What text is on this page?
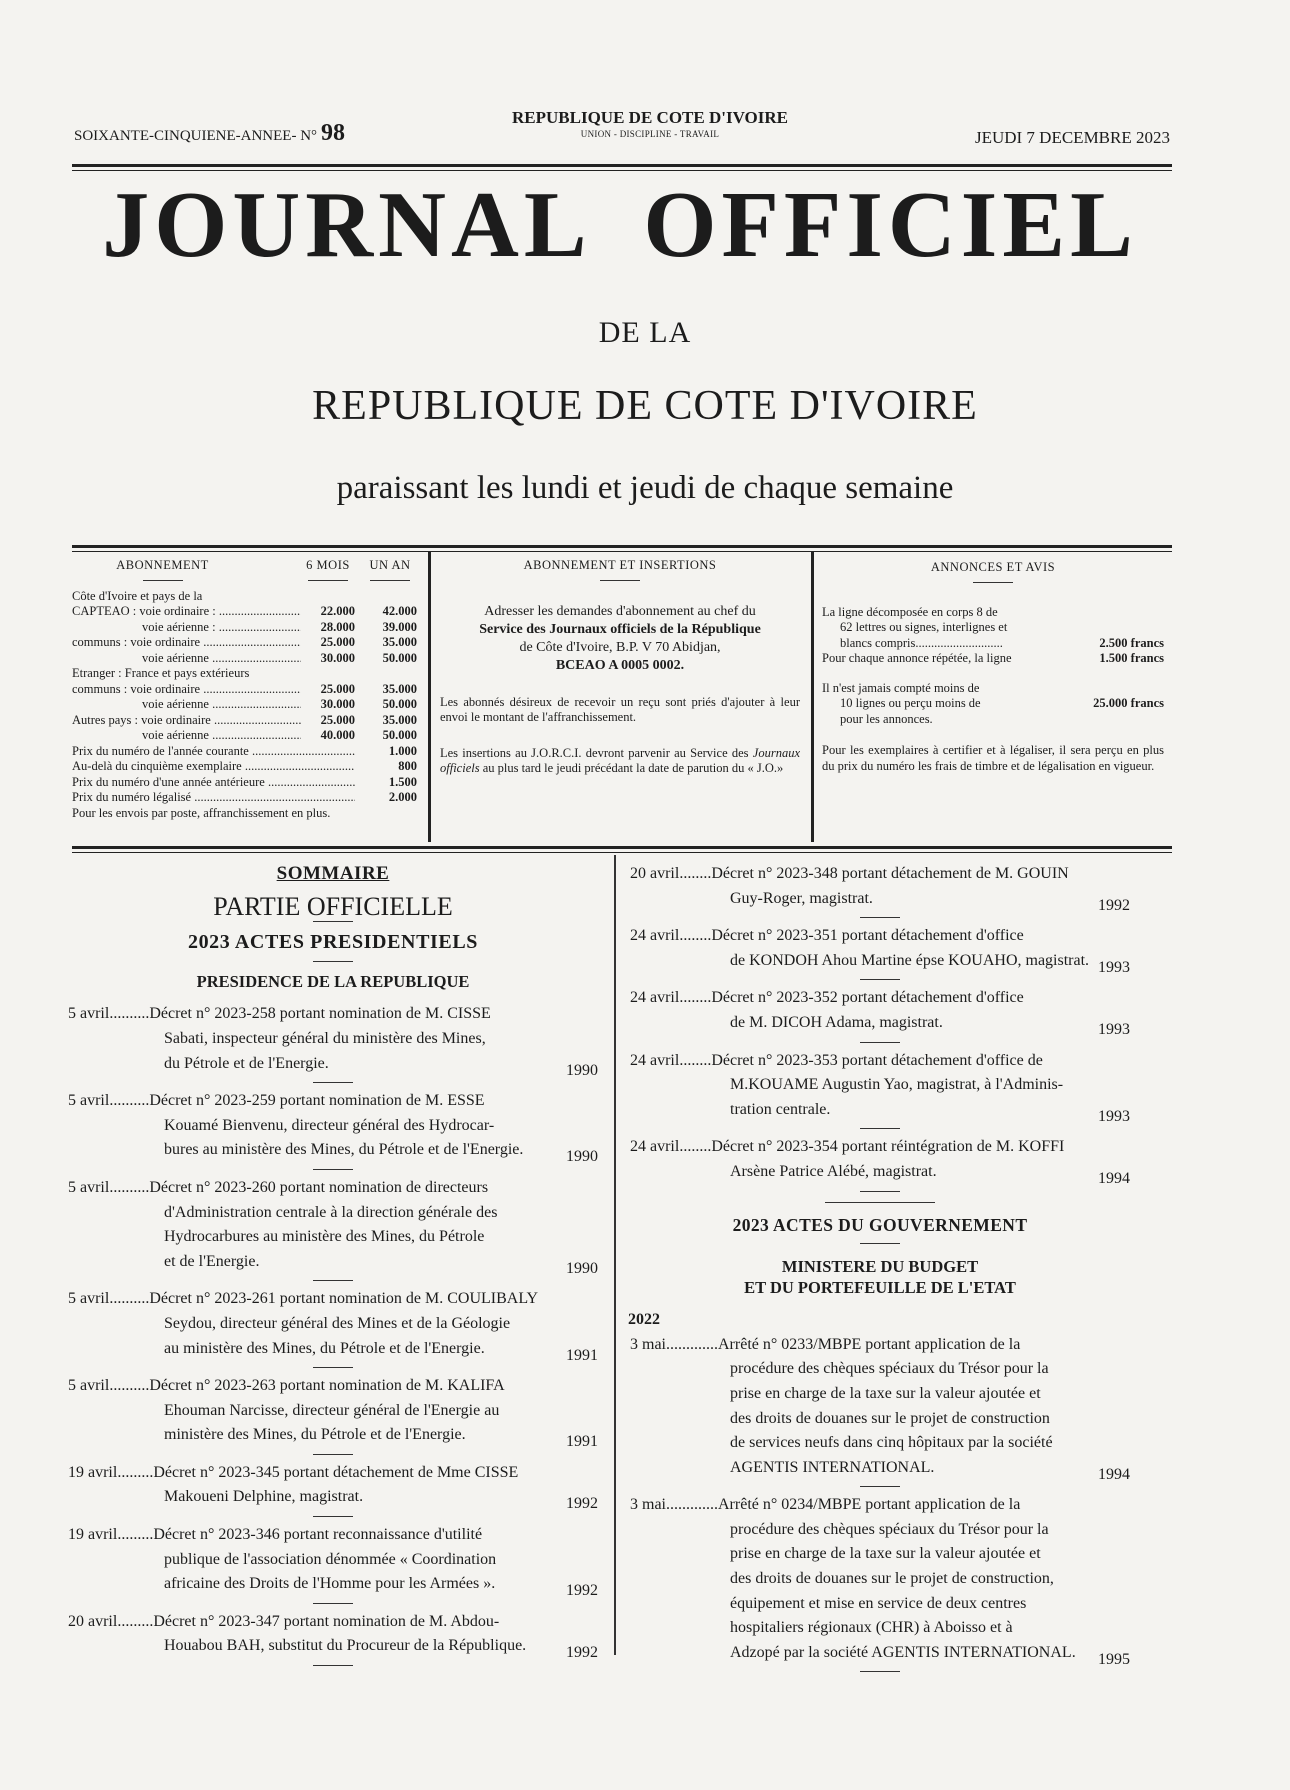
SOIXANTE-CINQUIENE-ANNEE- N° 98
REPUBLIQUE DE COTE D'IVOIRE
UNION - DISCIPLINE - TRAVAIL	JEUDI 7 DECEMBRE 2023
JOURNAL  OFFICIEL
DE LA
REPUBLIQUE DE COTE D'IVOIRE
paraissant les lundi et jeudi de chaque semaine
ABONNEMENT	6 MOIS	UN AN
Côte d'Ivoire et pays de la
CAPTEAO : voie ordinaire : .....	22.000	42.000
voie aérienne : .....	28.000	39.000
communs : voie ordinaire .....	25.000	35.000
voie aérienne .....	30.000	50.000
Etranger : France et pays extérieurs
communs : voie ordinaire .....	25.000	35.000
voie aérienne .....	30.000	50.000
Autres pays : voie ordinaire .....	25.000	35.000
voie aérienne .....	40.000	50.000
Prix du numéro de l'année courante .....	1.000
Au-delà du cinquième exemplaire .....	800
Prix du numéro d'une année antérieure .....	1.500
Prix du numéro légalisé .....	2.000
Pour les envois par poste, affranchissement en plus.
ABONNEMENT ET INSERTIONS

Adresser les demandes d'abonnement au chef du
Service des Journaux officiels de la République
de Côte d'Ivoire, B.P. V 70 Abidjan,
BCEAO A 0005 0002.

Les abonnés désireux de recevoir un reçu sont priés d'ajouter à leur envoi le montant de l'affranchissement.

Les insertions au J.O.R.C.I. devront parvenir au Service des Journaux officiels au plus tard le jeudi précédant la date de parution du « J.O.»

ANNONCES ET AVIS
La ligne décomposée en corps 8 de
62 lettres ou signes, interlignes et
blancs compris............................	2.500 francs
Pour chaque annonce répétée, la ligne	1.500 francs
Il n'est jamais compté moins de
10 lignes ou perçu moins de	25.000 francs
pour les annonces.

Pour les exemplaires à certifier et à légaliser, il sera perçu en plus du prix du numéro les frais de timbre et de légalisation en vigueur.

SOMMAIRE
PARTIE OFFICIELLE
2023 ACTES PRESIDENTIELS
PRESIDENCE DE LA REPUBLIQUE
5 avril..........Décret n° 2023-258 portant nomination de M. CISSE
Sabati, inspecteur général du ministère des Mines,
du Pétrole et de l'Energie.	1990
5 avril..........Décret n° 2023-259 portant nomination de M. ESSE
Kouamé Bienvenu, directeur général des Hydrocar-
bures au ministère des Mines, du Pétrole et de l'Energie.	1990
5 avril..........Décret n° 2023-260 portant nomination de directeurs
d'Administration centrale à la direction générale des
Hydrocarbures au ministère des Mines, du Pétrole
et de l'Energie.	1990
5 avril..........Décret n° 2023-261 portant nomination de M. COULIBALY
Seydou, directeur général des Mines et de la Géologie
au ministère des Mines, du Pétrole et de l'Energie.	1991
5 avril..........Décret n° 2023-263 portant nomination de M. KALIFA
Ehouman Narcisse, directeur général de l'Energie au
ministère des Mines, du Pétrole et de l'Energie.	1991
19 avril.........Décret n° 2023-345 portant détachement de Mme CISSE
Makoueni Delphine, magistrat.	1992
19 avril.........Décret n° 2023-346 portant reconnaissance d'utilité
publique de l'association dénommée « Coordination
africaine des Droits de l'Homme pour les Armées ».	1992
20 avril.........Décret n° 2023-347 portant nomination de M. Abdou-
Houabou BAH, substitut du Procureur de la République.	1992
20 avril........Décret n° 2023-348 portant détachement de M. GOUIN
Guy-Roger, magistrat.	1992
24 avril........Décret n° 2023-351 portant détachement d'office
de KONDOH Ahou Martine épse KOUAHO, magistrat. 1993
24 avril........Décret n° 2023-352 portant détachement d'office
de M. DICOH Adama, magistrat.	1993
24 avril........Décret n° 2023-353 portant détachement d'office de
M.KOUAME Augustin Yao, magistrat, à l'Adminis-
tration centrale.	1993
24 avril........Décret n° 2023-354 portant réintégration de M. KOFFI
Arsène Patrice Alébé, magistrat.	1994
2023 ACTES DU GOUVERNEMENT
MINISTERE DU BUDGET
ET DU PORTEFEUILLE DE L'ETAT
2022
3 mai.............Arrêté n° 0233/MBPE portant application de la
procédure des chèques spéciaux du Trésor pour la
prise en charge de la taxe sur la valeur ajoutée et
des droits de douanes sur le projet de construction
de services neufs dans cinq hôpitaux par la société
AGENTIS INTERNATIONAL.	1994
3 mai.............Arrêté n° 0234/MBPE portant application de la
procédure des chèques spéciaux du Trésor pour la
prise en charge de la taxe sur la valeur ajoutée et
des droits de douanes sur le projet de construction,
équipement et mise en service de deux centres
hospitaliers régionaux (CHR) à Aboisso et à
Adzopé par la société AGENTIS INTERNATIONAL.	1995
